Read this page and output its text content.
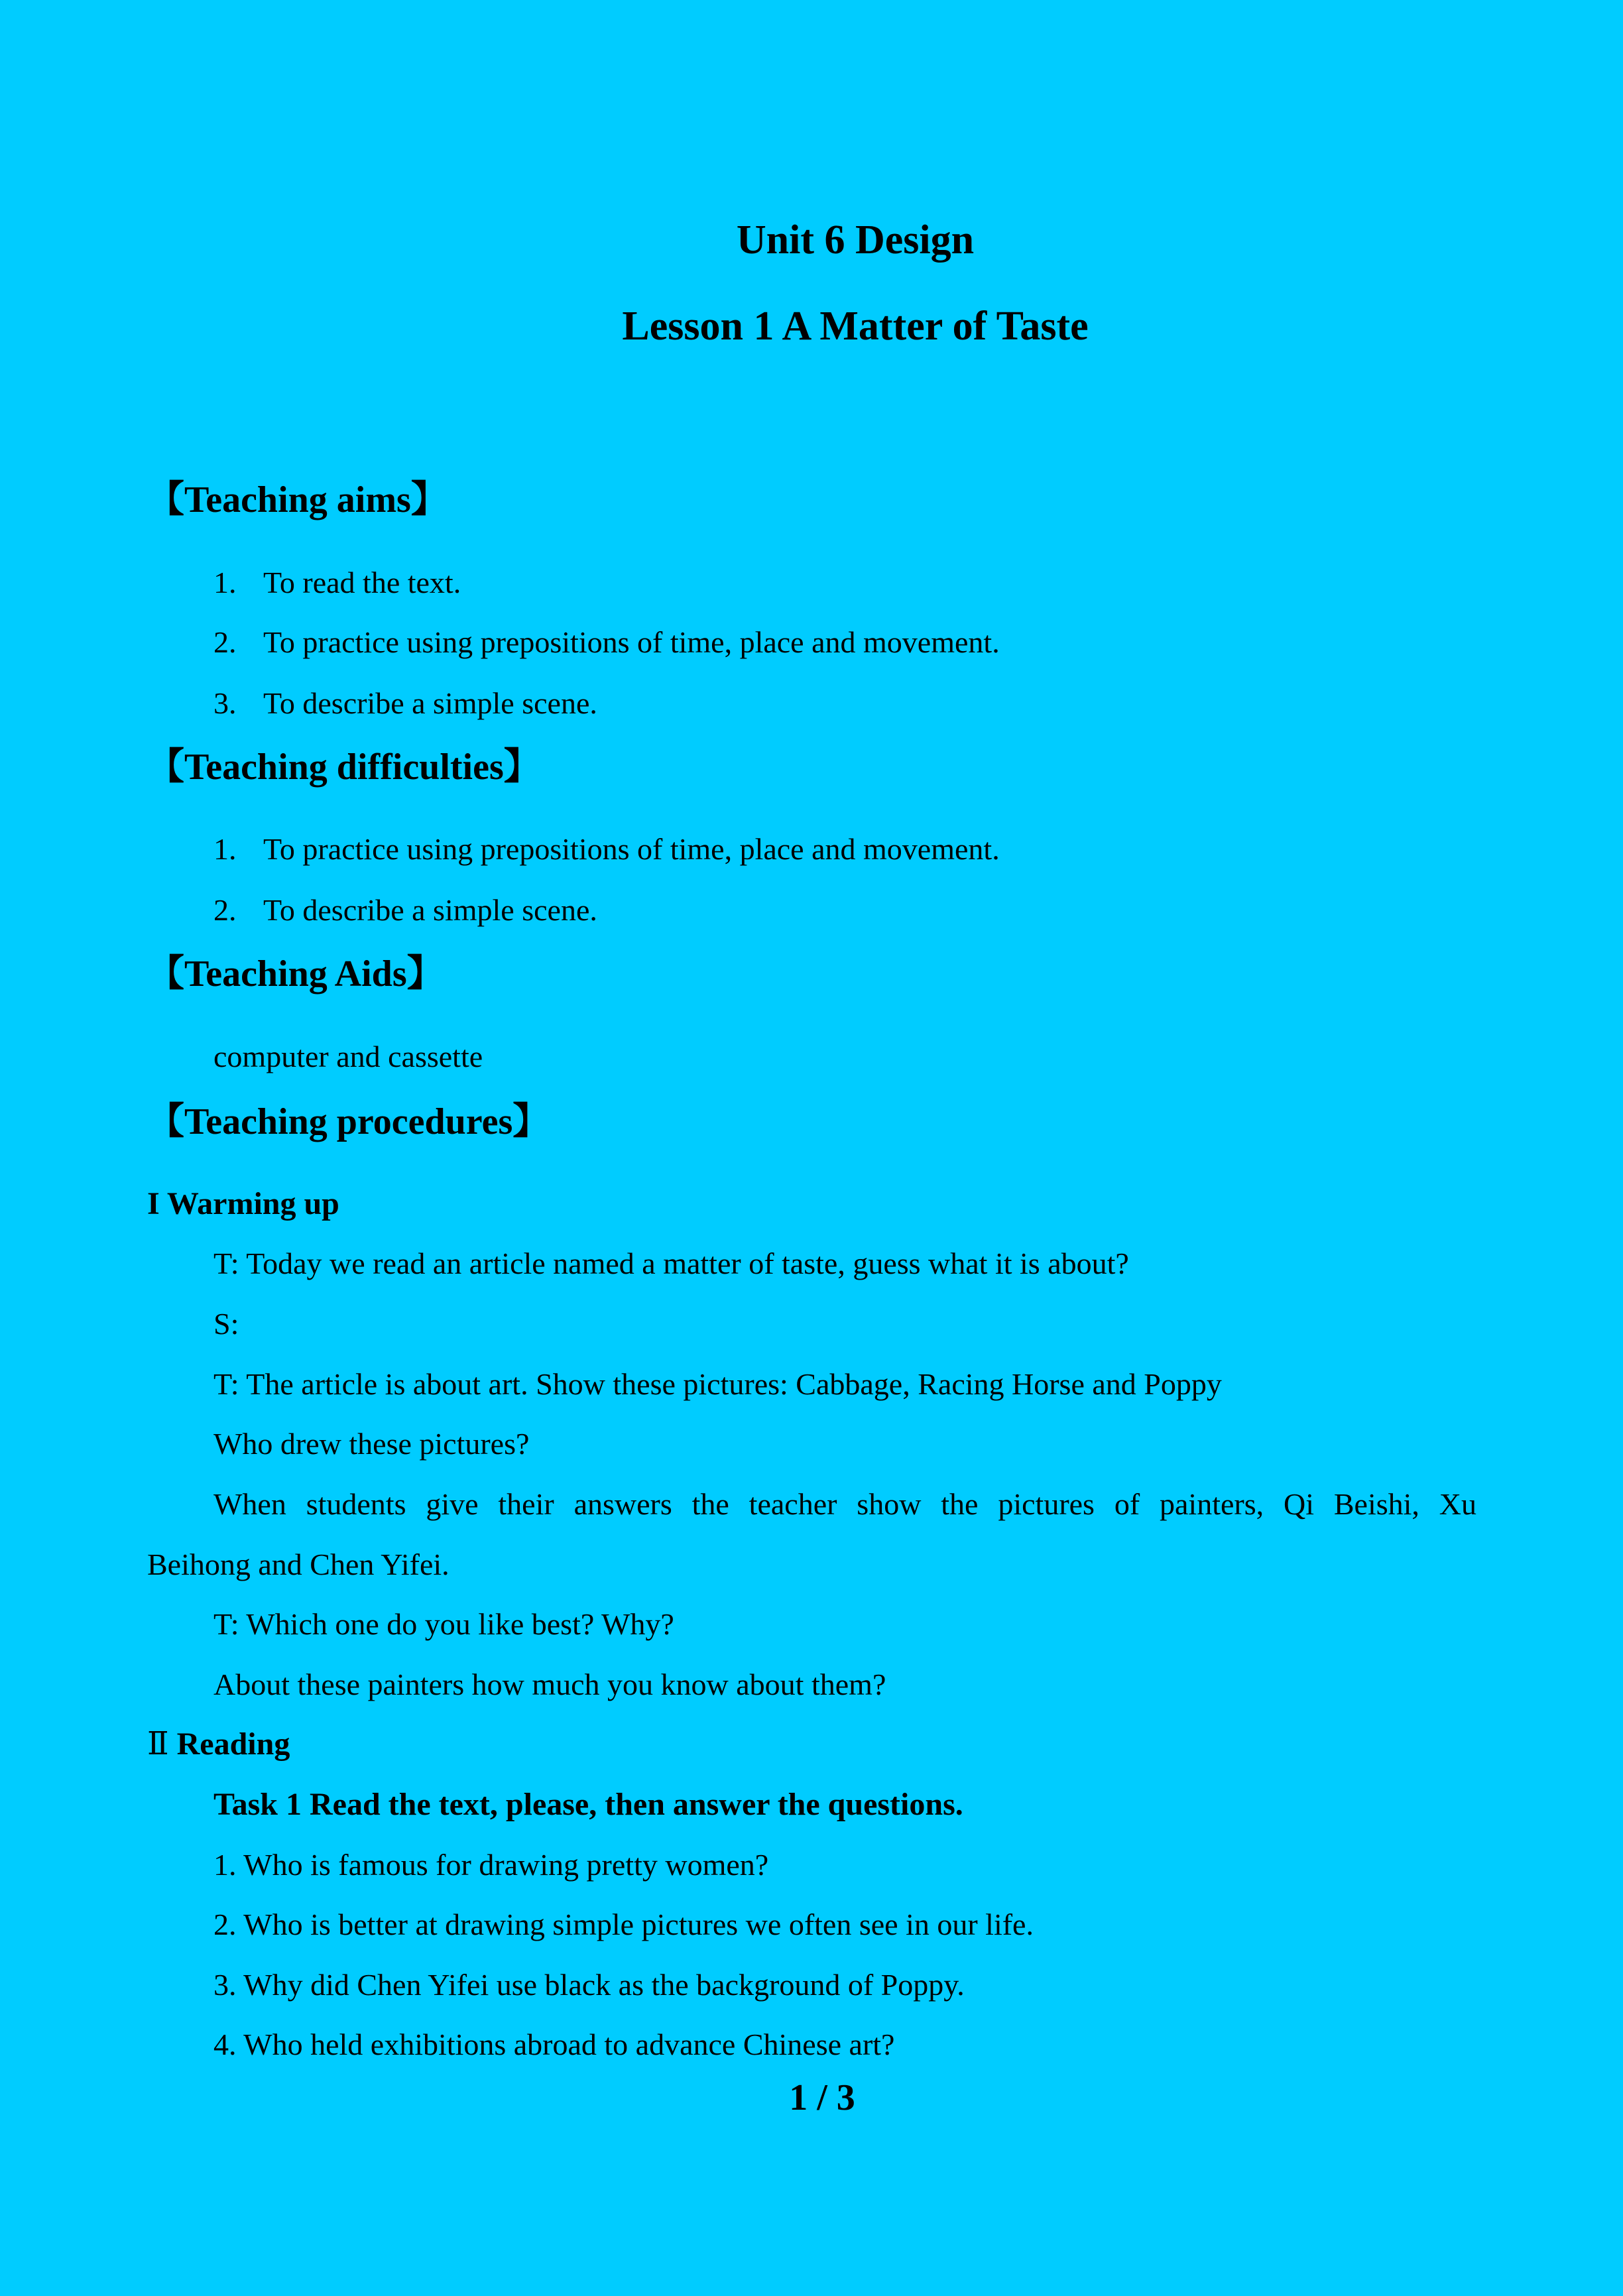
Unit 6 Design
Lesson 1 A Matter of Taste
【Teaching aims】
1. To read the text.
2. To practice using prepositions of time, place and movement.
3. To describe a simple scene.
【Teaching difficulties】
1. To practice using prepositions of time, place and movement.
2. To describe a simple scene.
【Teaching Aids】
computer and cassette
【Teaching procedures】
I Warming up
T: Today we read an article named a matter of taste, guess what it is about?
S:
T: The article is about art. Show these pictures: Cabbage, Racing Horse and Poppy
Who drew these pictures?
When students give their answers the teacher show the pictures of painters, Qi Beishi, Xu
Beihong and Chen Yifei.
T: Which one do you like best? Why?
About these painters how much you know about them?
Ⅱ Reading
Task 1 Read the text, please, then answer the questions.
1. Who is famous for drawing pretty women?
2. Who is better at drawing simple pictures we often see in our life.
3. Why did Chen Yifei use black as the background of Poppy.
4. Who held exhibitions abroad to advance Chinese art?
1 / 3
